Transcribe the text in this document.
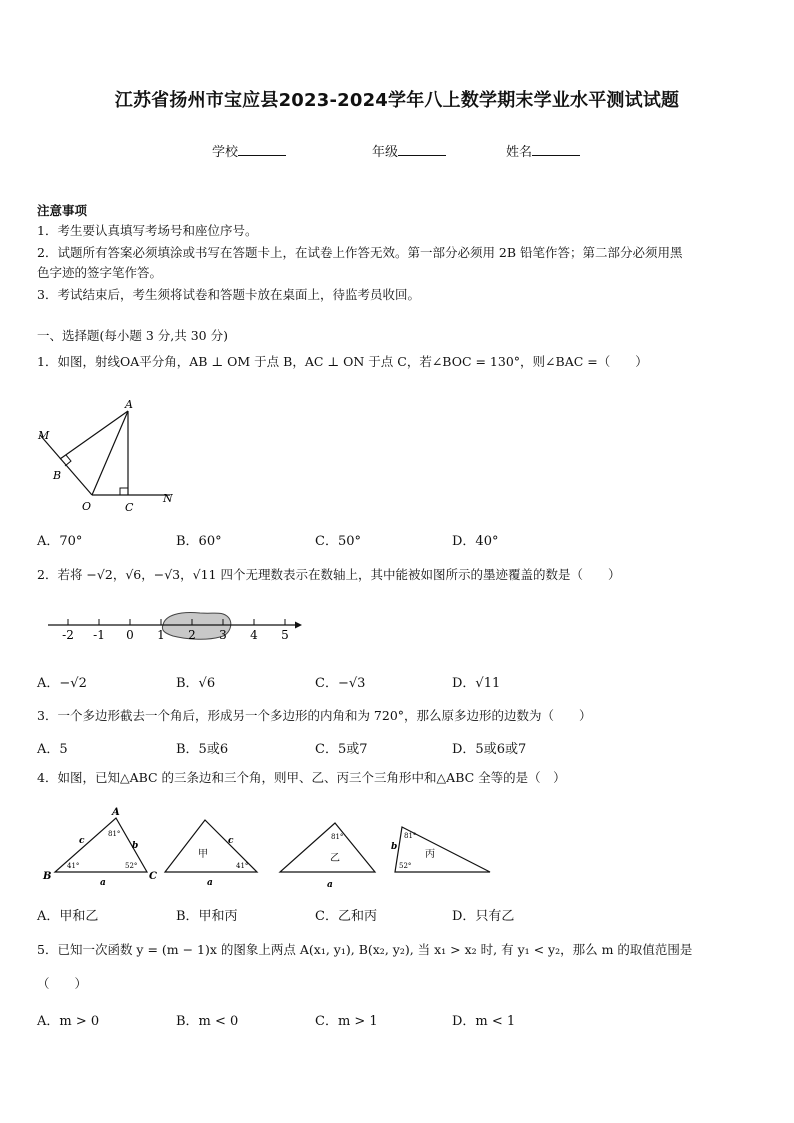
江苏省扬州市宝应县2023-2024学年八上数学期末学业水平测试试题
学校	年级	姓名
注意事项
1．考生要认真填写考场号和座位序号。
2．试题所有答案必须填涂或书写在答题卡上，在试卷上作答无效。第一部分必须用 2B 铅笔作答；第二部分必须用黑
色字迹的签字笔作答。
3．考试结束后，考生须将试卷和答题卡放在桌面上，待监考员收回。
一、选择题(每小题 3 分,共 30 分)
1．如图，射线OA平分角，AB ⊥ OM 于点 B，AC ⊥ ON 于点 C，若∠BOC = 130°，则∠BAC =（　　）
A
M
B
O	C
N
A．70°	B．60°	C．50°	D．40°
2．若将 −√2，√6，−√3，√11 四个无理数表示在数轴上，其中能被如图所示的墨迹覆盖的数是（　　）
-2 -1 0 1 2 3 4 5
A．−√2	B．√6	C．−√3	D．√11
3．一个多边形截去一个角后，形成另一个多边形的内角和为 720°，那么原多边形的边数为（　　）
A．5	B．5或6	C．5或7	D．5或6或7
4．如图，已知△ABC 的三条边和三个角，则甲、乙、丙三个三角形中和△ABC 全等的是（　）
A
B	C
c	b
a
81°
41°	52°
c
a
41°
甲
a
81°
乙
b
81°
52°
丙
A．甲和乙	B．甲和丙	C．乙和丙	D．只有乙
5．已知一次函数 y = (m − 1)x 的图象上两点 A(x₁, y₁), B(x₂, y₂), 当 x₁ > x₂ 时, 有 y₁ < y₂，那么 m 的取值范围是
（　　）
A．m > 0	B．m < 0	C．m > 1	D．m < 1
